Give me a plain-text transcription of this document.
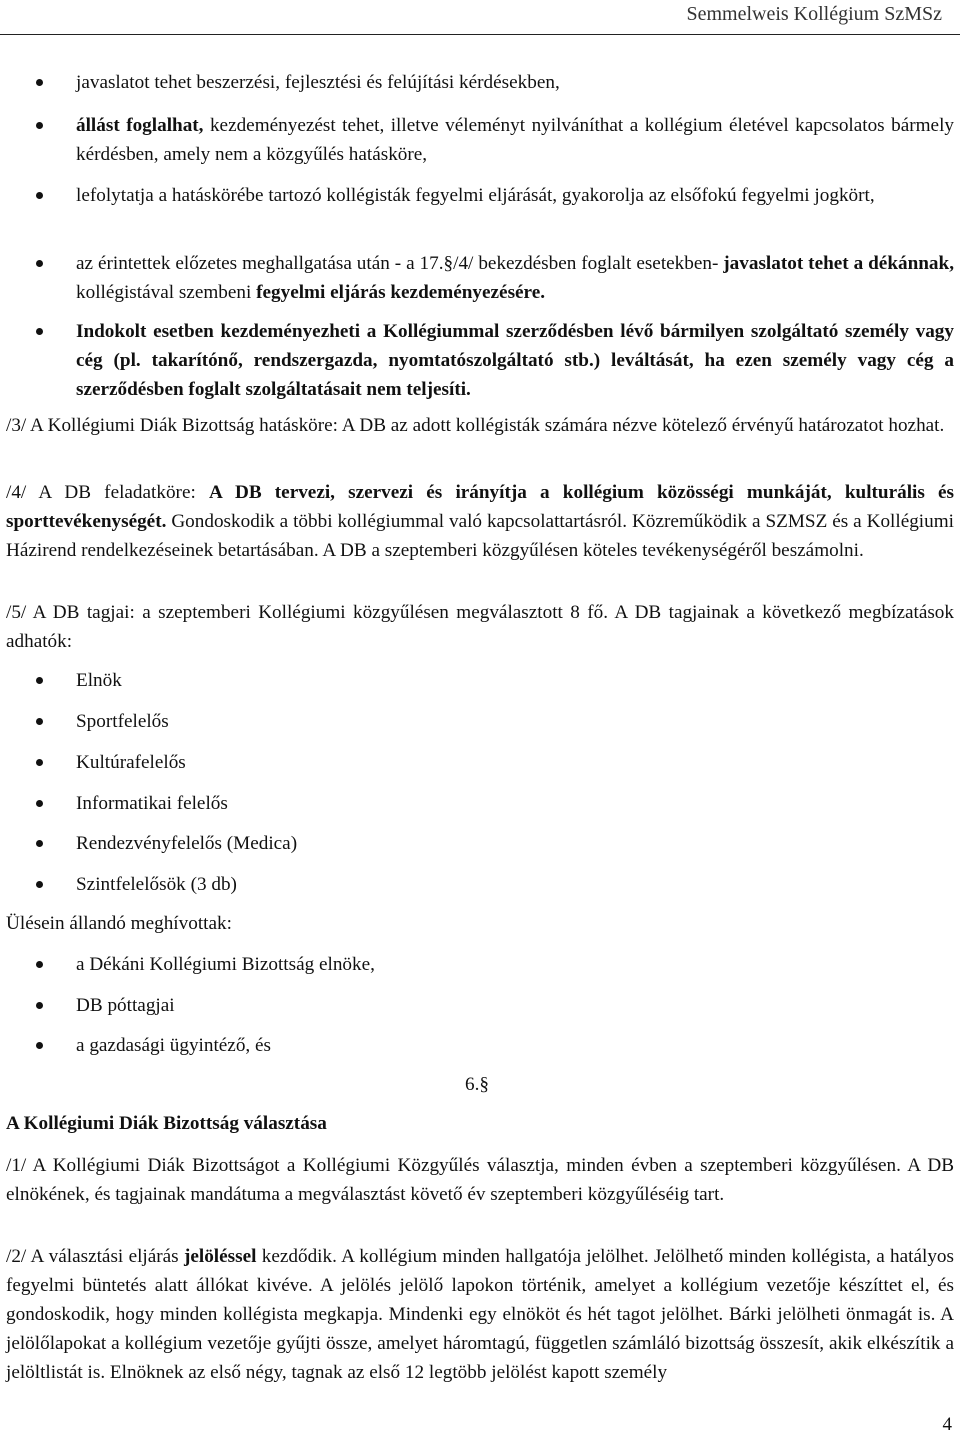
Semmelweis Kollégium SzMSz
javaslatot tehet beszerzési, fejlesztési és felújítási kérdésekben,
állást foglalhat, kezdeményezést tehet, illetve véleményt nyilváníthat a kollégium életével kapcsolatos bármely kérdésben, amely nem a közgyűlés hatásköre,
lefolytatja a hatáskörébe tartozó kollégisták fegyelmi eljárását, gyakorolja az elsőfokú fegyelmi jogkört,
az érintettek előzetes meghallgatása után - a 17.§/4/ bekezdésben foglalt esetekben- javaslatot tehet a dékánnak, kollégistával szembeni fegyelmi eljárás kezdeményezésére.
Indokolt esetben kezdeményezheti a Kollégiummal szerződésben lévő bármilyen szolgáltató személy vagy cég (pl. takarítónő, rendszergazda, nyomtatószolgáltató stb.) leváltását, ha ezen személy vagy cég a szerződésben foglalt szolgáltatásait nem teljesíti.
/3/ A Kollégiumi Diák Bizottság hatásköre: A DB az adott kollégisták számára nézve kötelező érvényű határozatot hozhat.
/4/ A DB feladatköre: A DB tervezi, szervezi és irányítja a kollégium közösségi munkáját, kulturális és sporttevékenységét. Gondoskodik a többi kollégiummal való kapcsolattartásról. Közreműködik a SZMSZ és a Kollégiumi Házirend rendelkezéseinek betartásában. A DB a szeptemberi közgyűlésen köteles tevékenységéről beszámolni.
/5/ A DB tagjai: a szeptemberi Kollégiumi közgyűlésen megválasztott 8 fő. A DB tagjainak a következő megbízatások adhatók:
Elnök
Sportfelelős
Kultúrafelelős
Informatikai felelős
Rendezvényfelelős (Medica)
Szintfelelősök (3 db)
Ülésein állandó meghívottak:
a Dékáni Kollégiumi Bizottság elnöke,
DB póttagjai
a gazdasági ügyintéző, és
6.§
A Kollégiumi Diák Bizottság választása
/1/ A Kollégiumi Diák Bizottságot a Kollégiumi Közgyűlés választja, minden évben a szeptemberi közgyűlésen. A DB elnökének, és tagjainak mandátuma a megválasztást követő év szeptemberi közgyűléséig tart.
/2/ A választási eljárás jelöléssel kezdődik. A kollégium minden hallgatója jelölhet. Jelölhető minden kollégista, a hatályos fegyelmi büntetés alatt állókat kivéve. A jelölés jelölő lapokon történik, amelyet a kollégium vezetője készíttet el, és gondoskodik, hogy minden kollégista megkapja. Mindenki egy elnököt és hét tagot jelölhet. Bárki jelölheti önmagát is. A jelölőlapokat a kollégium vezetője gyűjti össze, amelyet háromtagú, független számláló bizottság összesít, akik elkészítik a jelöltlistát is. Elnöknek az első négy, tagnak az első 12 legtöbb jelölést kapott személy
4
